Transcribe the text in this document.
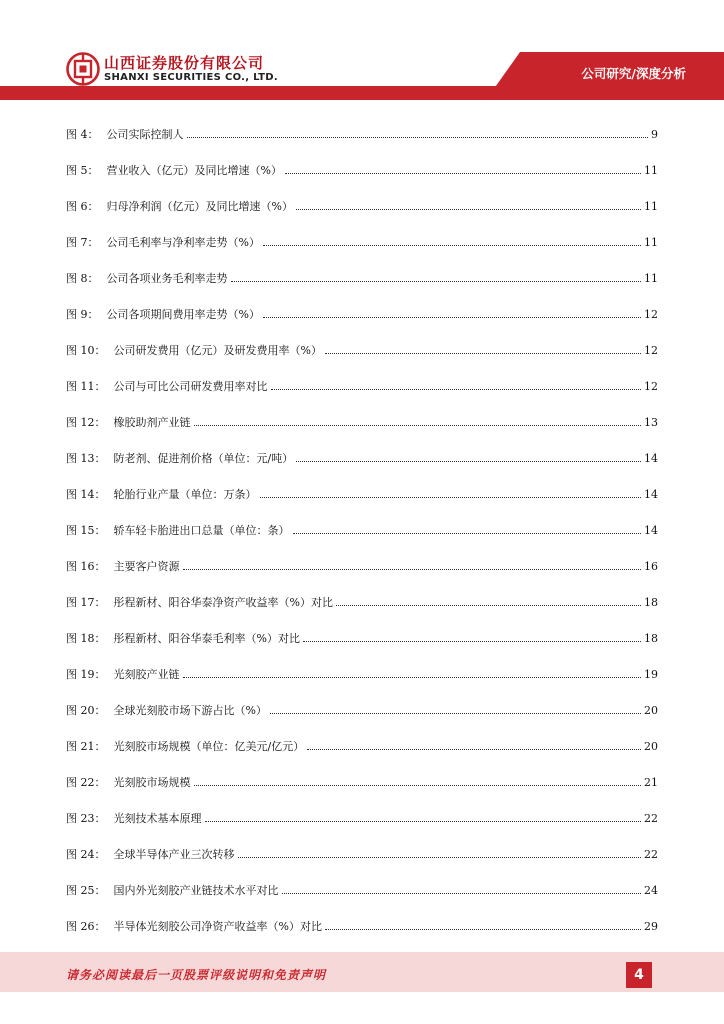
山西证券股份有限公司
SHANXI SECURITIES CO., LTD.	公司研究/深度分析
图 4： 公司实际控制人	9
图 5： 营业收入（亿元）及同比增速（%）	11
图 6： 归母净利润（亿元）及同比增速（%）	11
图 7： 公司毛利率与净利率走势（%）	11
图 8： 公司各项业务毛利率走势	11
图 9： 公司各项期间费用率走势（%）	12
图 10： 公司研发费用（亿元）及研发费用率（%）	12
图 11： 公司与可比公司研发费用率对比	12
图 12： 橡胶助剂产业链	13
图 13： 防老剂、促进剂价格（单位：元/吨）	14
图 14： 轮胎行业产量（单位：万条）	14
图 15： 轿车轻卡胎进出口总量（单位：条）	14
图 16： 主要客户资源	16
图 17： 彤程新材、阳谷华泰净资产收益率（%）对比	18
图 18： 彤程新材、阳谷华泰毛利率（%）对比	18
图 19： 光刻胶产业链	19
图 20： 全球光刻胶市场下游占比（%）	20
图 21： 光刻胶市场规模（单位：亿美元/亿元）	20
图 22： 光刻胶市场规模	21
图 23： 光刻技术基本原理	22
图 24： 全球半导体产业三次转移	22
图 25： 国内外光刻胶产业链技术水平对比	24
图 26： 半导体光刻胶公司净资产收益率（%）对比	29
请务必阅读最后一页股票评级说明和免责声明	4
